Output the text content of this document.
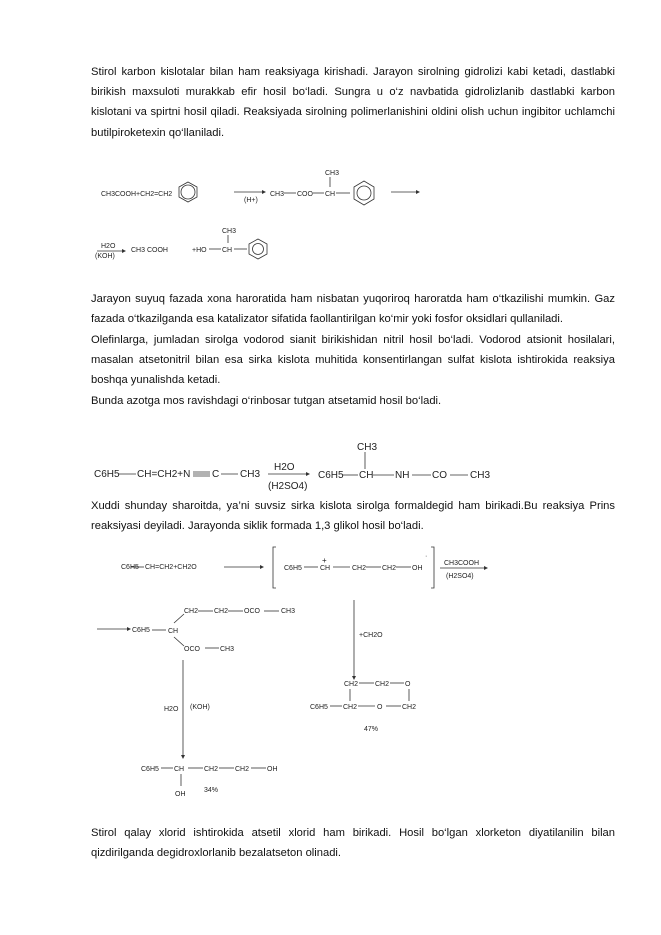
Stirol karbon kislotalar bilan ham reaksiyaga kirishadi. Jarayon sirolning gidrolizi kabi ketadi, dastlabki birikish maxsuloti murakkab efir hosil bo‘ladi. Sungra u o‘z navbatida gidrolizlanib dastlabki karbon kislotani va spirtni hosil qiladi. Reaksiyada sirolning polimerlanishini oldini olish uchun ingibitor uchlamchi butilpiroketexin qo‘llaniladi.

CH3COOH+CH2=CH2
(H+)
CH3 COO CH
CH3
H2O
(KOH)
CH3 COOH	+HO CH
CH3
C6H5 CH=CH2+N C CH3
H2O
(H2SO4)
C6H5 CH
CH3
NH CO CH3
C6H5 CH=CH2+CH2O	C6H5
+
CH	CH2 CH2 OH
·
CH3COOH
(H2SO4)
C6H5	CH
CH2 CH2 OCO	CH3
OCO	CH3
+CH2O
CH2 CH2 O
C6H5 CH2	O	CH2
47%
H2O (KOH)
C6H5 CH	CH2 CH2	OH
OH
34%

Jarayon suyuq fazada xona haroratida ham nisbatan yuqoriroq haroratda ham o‘tkazilishi mumkin. Gaz fazada o‘tkazilganda esa katalizator sifatida faollantirilgan ko‘mir yoki fosfor oksidlari qullaniladi.

Olefinlarga, jumladan sirolga vodorod sianit birikishidan nitril hosil bo‘ladi. Vodorod atsionit hosilalari, masalan atsetonitril bilan esa sirka kislota muhitida konsentirlangan sulfat kislota ishtirokida reaksiya boshqa yunalishda ketadi.

Bunda azotga mos ravishdagi o‘rinbosar tutgan atsetamid hosil bo‘ladi.

Xuddi shunday sharoitda, ya’ni suvsiz sirka kislota sirolga formaldegid ham birikadi.Bu reaksiya Prins reaksiyasi deyiladi. Jarayonda siklik formada 1,3 glikol hosil bo‘ladi.

Stirol qalay xlorid ishtirokida atsetil xlorid ham birikadi. Hosil bo‘lgan xlorketon diyatilanilin bilan qizdirilganda degidroxlorlanib bezalatseton olinadi.
